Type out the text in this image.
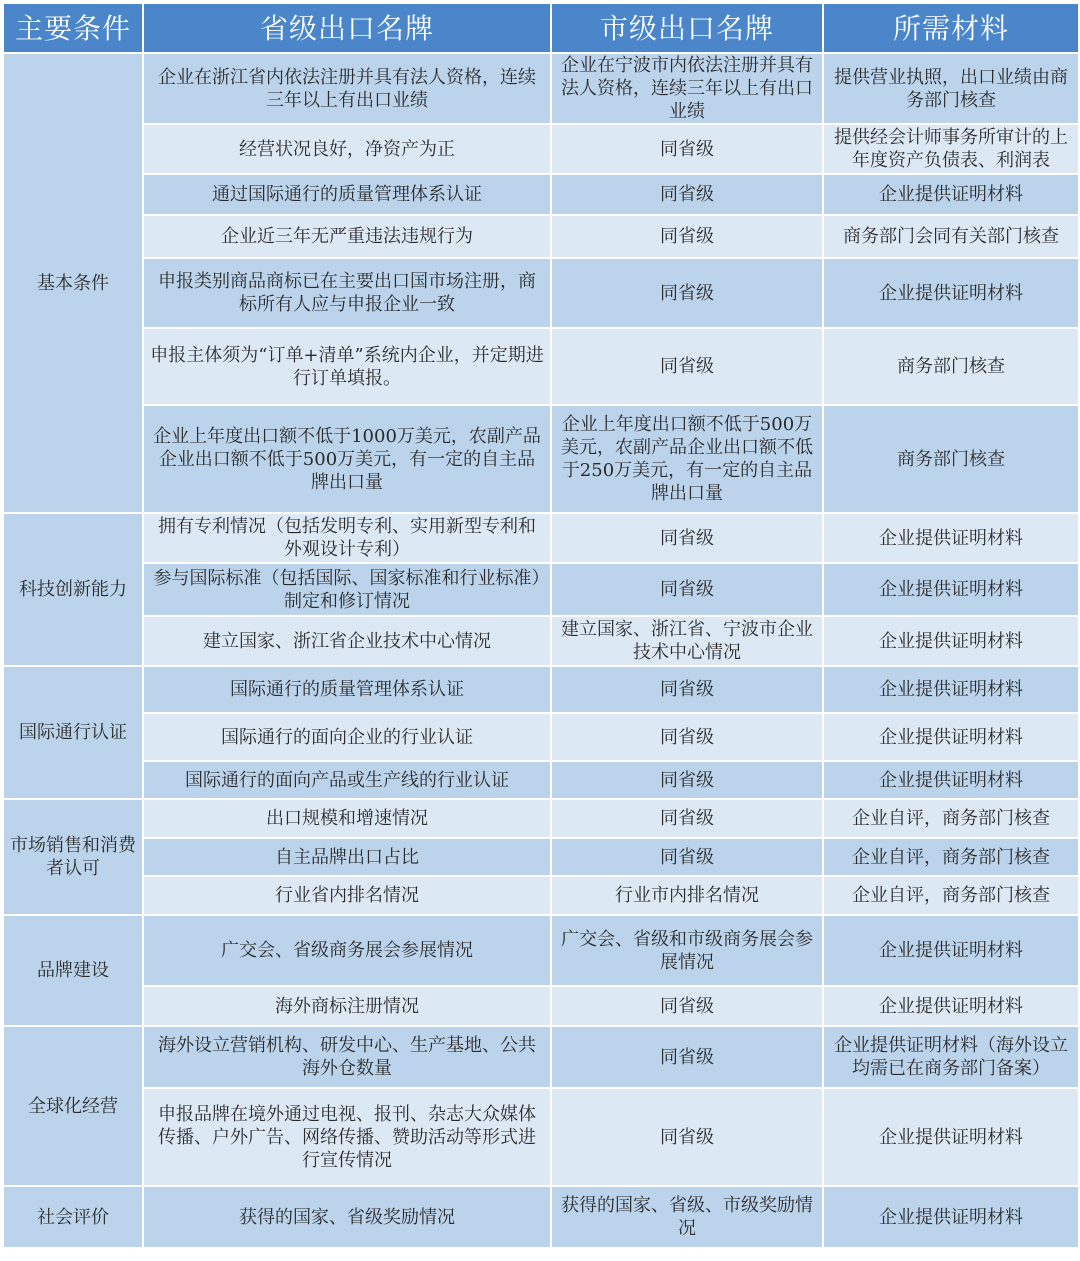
主要条件	省级出口名牌	市级出口名牌	所需材料
基本条件	企业在浙江省内依法注册并具有法人资格，连续三年以上有出口业绩	企业在宁波市内依法注册并具有法人资格，连续三年以上有出口业绩	提供营业执照，出口业绩由商务部门核查
	经营状况良好，净资产为正	同省级	提供经会计师事务所审计的上年度资产负债表、利润表
	通过国际通行的质量管理体系认证	同省级	企业提供证明材料
	企业近三年无严重违法违规行为	同省级	商务部门会同有关部门核查
	申报类别商品商标已在主要出口国市场注册，商标所有人应与申报企业一致	同省级	企业提供证明材料
	申报主体须为“订单+清单”系统内企业，并定期进行订单填报。	同省级	商务部门核查
	企业上年度出口额不低于1000万美元，农副产品企业出口额不低于500万美元，有一定的自主品牌出口量	企业上年度出口额不低于500万美元，农副产品企业出口额不低于250万美元，有一定的自主品牌出口量	商务部门核查
科技创新能力	拥有专利情况（包括发明专利、实用新型专利和外观设计专利）	同省级	企业提供证明材料
	参与国际标准（包括国际、国家标准和行业标准）制定和修订情况	同省级	企业提供证明材料
	建立国家、浙江省企业技术中心情况	建立国家、浙江省、宁波市企业技术中心情况	企业提供证明材料
国际通行认证	国际通行的质量管理体系认证	同省级	企业提供证明材料
	国际通行的面向企业的行业认证	同省级	企业提供证明材料
	国际通行的面向产品或生产线的行业认证	同省级	企业提供证明材料
市场销售和消费者认可	出口规模和增速情况	同省级	企业自评，商务部门核查
	自主品牌出口占比	同省级	企业自评，商务部门核查
	行业省内排名情况	行业市内排名情况	企业自评，商务部门核查
品牌建设	广交会、省级商务展会参展情况	广交会、省级和市级商务展会参展情况	企业提供证明材料
	海外商标注册情况	同省级	企业提供证明材料
全球化经营	海外设立营销机构、研发中心、生产基地、公共海外仓数量	同省级	企业提供证明材料（海外设立均需已在商务部门备案）
	申报品牌在境外通过电视、报刊、杂志大众媒体传播、户外广告、网络传播、赞助活动等形式进行宣传情况	同省级	企业提供证明材料
社会评价	获得的国家、省级奖励情况	获得的国家、省级、市级奖励情况	企业提供证明材料
